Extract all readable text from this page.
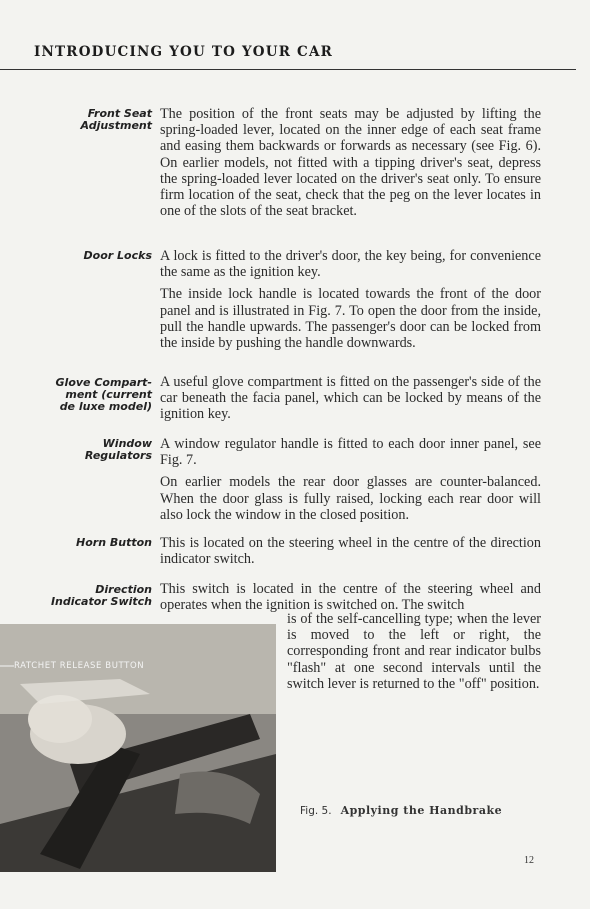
INTRODUCING YOU TO YOUR CAR
Front Seat
Adjustment

The position of the front seats may be adjusted by lifting the spring-loaded lever, located on the inner edge of each seat frame and easing them backwards or forwards as necessary (see Fig. 6). On earlier models, not fitted with a tipping driver's seat, depress the spring-loaded lever located on the driver's seat only. To ensure firm location of the seat, check that the peg on the lever locates in one of the slots of the seat bracket.

Door Locks A lock is fitted to the driver's door, the key being, for convenience the same as the ignition key.

The inside lock handle is located towards the front of the door panel and is illustrated in Fig. 7. To open the door from the inside, pull the handle upwards. The passenger's door can be locked from the inside by pushing the handle downwards.

Glove Compart-
ment (current
de luxe model)

A useful glove compartment is fitted on the passenger's side of the car beneath the facia panel, which can be locked by means of the ignition key.

Window
Regulators

A window regulator handle is fitted to each door inner panel, see Fig. 7.

On earlier models the rear door glasses are counter-balanced. When the door glass is fully raised, locking each rear door will also lock the window in the closed position.

Horn Button This is located on the steering wheel in the centre of the direction indicator switch.

Direction
Indicator Switch

This switch is located in the centre of the steering wheel and operates when the ignition is switched on. The switch

RATCHET RELEASE BUTTON

is of the self-cancelling type; when the lever is moved to the left or right, the corresponding front and rear indicator bulbs "flash" at one second intervals until the switch lever is returned to the "off" position.

Fig. 5. Applying the Handbrake
12
